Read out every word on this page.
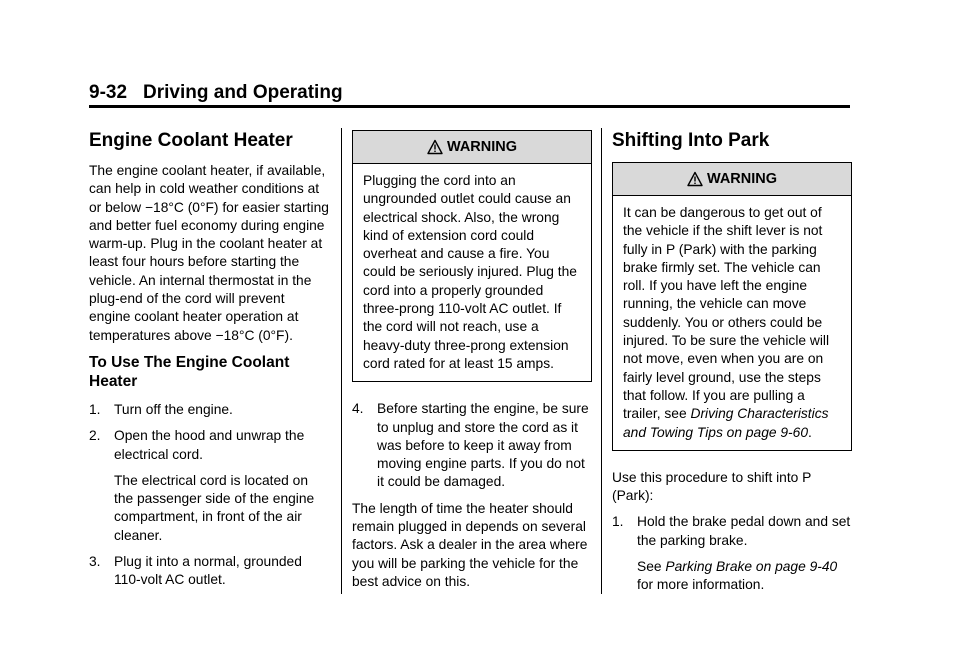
9-32 Driving and Operating
Engine Coolant Heater

The engine coolant heater, if available, can help in cold weather conditions at or below −18°C (0°F) for easier starting and better fuel economy during engine warm-up. Plug in the coolant heater at least four hours before starting the vehicle. An internal thermostat in the plug-end of the cord will prevent engine coolant heater operation at temperatures above −18°C (0°F).

To Use The Engine Coolant Heater
1. Turn off the engine.
2. Open the hood and unwrap the electrical cord.
The electrical cord is located on the passenger side of the engine compartment, in front of the air cleaner.
3. Plug it into a normal, grounded 110-volt AC outlet.
WARNING
Plugging the cord into an ungrounded outlet could cause an electrical shock. Also, the wrong kind of extension cord could overheat and cause a fire. You could be seriously injured. Plug the cord into a properly grounded three-prong 110-volt AC outlet. If the cord will not reach, use a heavy-duty three-prong extension cord rated for at least 15 amps.
4. Before starting the engine, be sure to unplug and store the cord as it was before to keep it away from moving engine parts. If you do not it could be damaged.

The length of time the heater should remain plugged in depends on several factors. Ask a dealer in the area where you will be parking the vehicle for the best advice on this.

Shifting Into Park
WARNING
It can be dangerous to get out of the vehicle if the shift lever is not fully in P (Park) with the parking brake firmly set. The vehicle can roll. If you have left the engine running, the vehicle can move suddenly. You or others could be injured. To be sure the vehicle will not move, even when you are on fairly level ground, use the steps that follow. If you are pulling a trailer, see Driving Characteristics and Towing Tips on page 9-60.

Use this procedure to shift into P (Park):

1. Hold the brake pedal down and set the parking brake.
See Parking Brake on page 9-40 for more information.
